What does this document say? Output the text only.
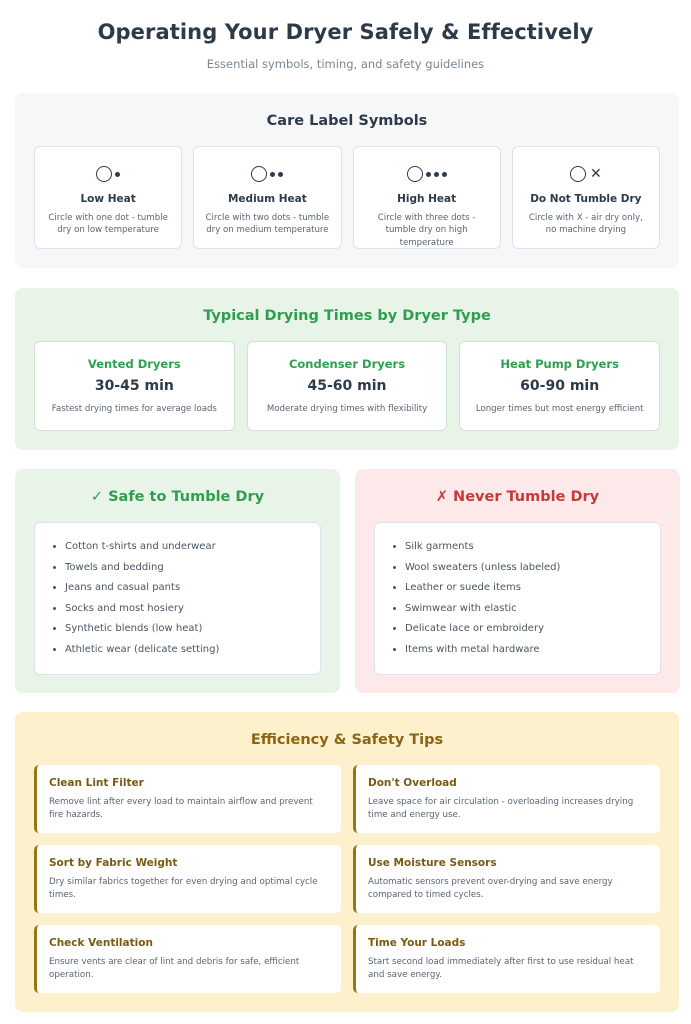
Operating Your Dryer Safely & Effectively
Essential symbols, timing, and safety guidelines
Care Label Symbols
Low Heat
Circle with one dot - tumble dry on low temperature
Medium Heat
Circle with two dots - tumble dry on medium temperature
High Heat
Circle with three dots - tumble dry on high temperature
✕
Do Not Tumble Dry
Circle with X - air dry only, no machine drying
Typical Drying Times by Dryer Type
Vented Dryers
30-45 min
Fastest drying times for average loads
Condenser Dryers
45-60 min
Moderate drying times with flexibility
Heat Pump Dryers
60-90 min
Longer times but most energy efficient
✓ Safe to Tumble Dry
• Cotton t-shirts and underwear
• Towels and bedding
• Jeans and casual pants
• Socks and most hosiery
• Synthetic blends (low heat)
• Athletic wear (delicate setting)
✗ Never Tumble Dry
• Silk garments
• Wool sweaters (unless labeled)
• Leather or suede items
• Swimwear with elastic
• Delicate lace or embroidery
• Items with metal hardware
Efficiency & Safety Tips
Clean Lint Filter
Remove lint after every load to maintain airflow and prevent fire hazards.
Don't Overload
Leave space for air circulation - overloading increases drying time and energy use.
Sort by Fabric Weight
Dry similar fabrics together for even drying and optimal cycle times.
Use Moisture Sensors
Automatic sensors prevent over-drying and save energy compared to timed cycles.
Check Ventilation
Ensure vents are clear of lint and debris for safe, efficient operation.
Time Your Loads
Start second load immediately after first to use residual heat and save energy.
